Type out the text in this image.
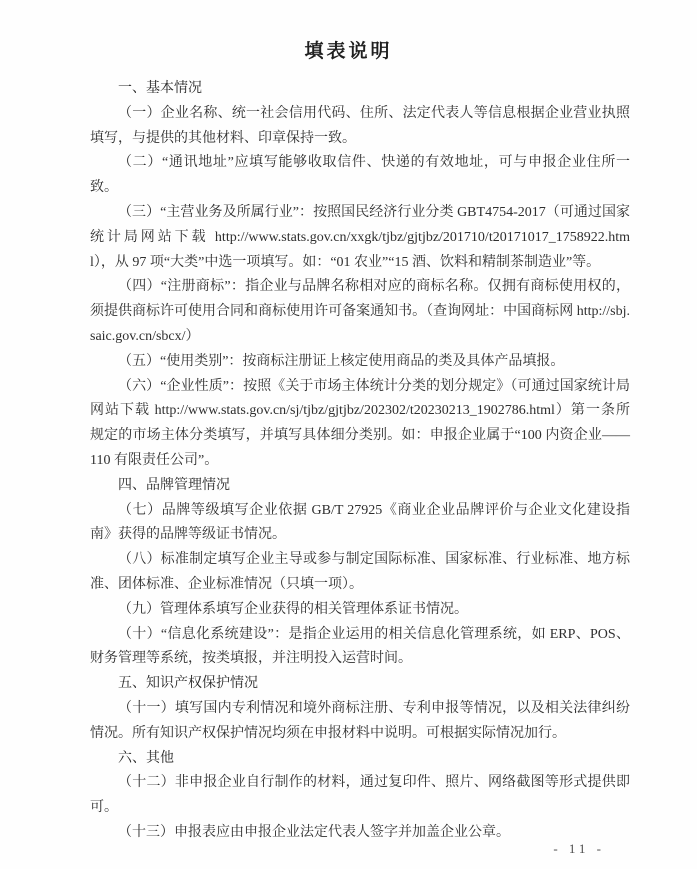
填表说明

一、基本情况

（一）企业名称、统一社会信用代码、住所、法定代表人等信息根据企业营业执照填写，与提供的其他材料、印章保持一致。

（二）“通讯地址”应填写能够收取信件、快递的有效地址，可与申报企业住所一致。

（三）“主营业务及所属行业”：按照国民经济行业分类 GBT4754-2017（可通过国家统计局网站下载 http://www.stats.gov.cn/xxgk/tjbz/gjtjbz/201710/t20171017_1758922.html），从 97 项“大类”中选一项填写。如：“01 农业”“15 酒、饮料和精制茶制造业”等。

（四）“注册商标”：指企业与品牌名称相对应的商标名称。仅拥有商标使用权的，须提供商标许可使用合同和商标使用许可备案通知书。（查询网址：中国商标网 http://sbj.saic.gov.cn/sbcx/）

（五）“使用类别”：按商标注册证上核定使用商品的类及具体产品填报。

（六）“企业性质”：按照《关于市场主体统计分类的划分规定》（可通过国家统计局网站下载 http://www.stats.gov.cn/sj/tjbz/gjtjbz/202302/t20230213_1902786.html）第一条所规定的市场主体分类填写，并填写具体细分类别。如：申报企业属于“100 内资企业——110 有限责任公司”。

四、品牌管理情况

（七）品牌等级填写企业依据 GB/T 27925《商业企业品牌评价与企业文化建设指南》获得的品牌等级证书情况。

（八）标准制定填写企业主导或参与制定国际标准、国家标准、行业标准、地方标准、团体标准、企业标准情况（只填一项）。

（九）管理体系填写企业获得的相关管理体系证书情况。

（十）“信息化系统建设”：是指企业运用的相关信息化管理系统，如 ERP、POS、财务管理等系统，按类填报，并注明投入运营时间。

五、知识产权保护情况

（十一）填写国内专利情况和境外商标注册、专利申报等情况，以及相关法律纠纷情况。所有知识产权保护情况均须在申报材料中说明。可根据实际情况加行。

六、其他

（十二）非申报企业自行制作的材料，通过复印件、照片、网络截图等形式提供即可。

（十三）申报表应由申报企业法定代表人签字并加盖企业公章。

- 11 -
